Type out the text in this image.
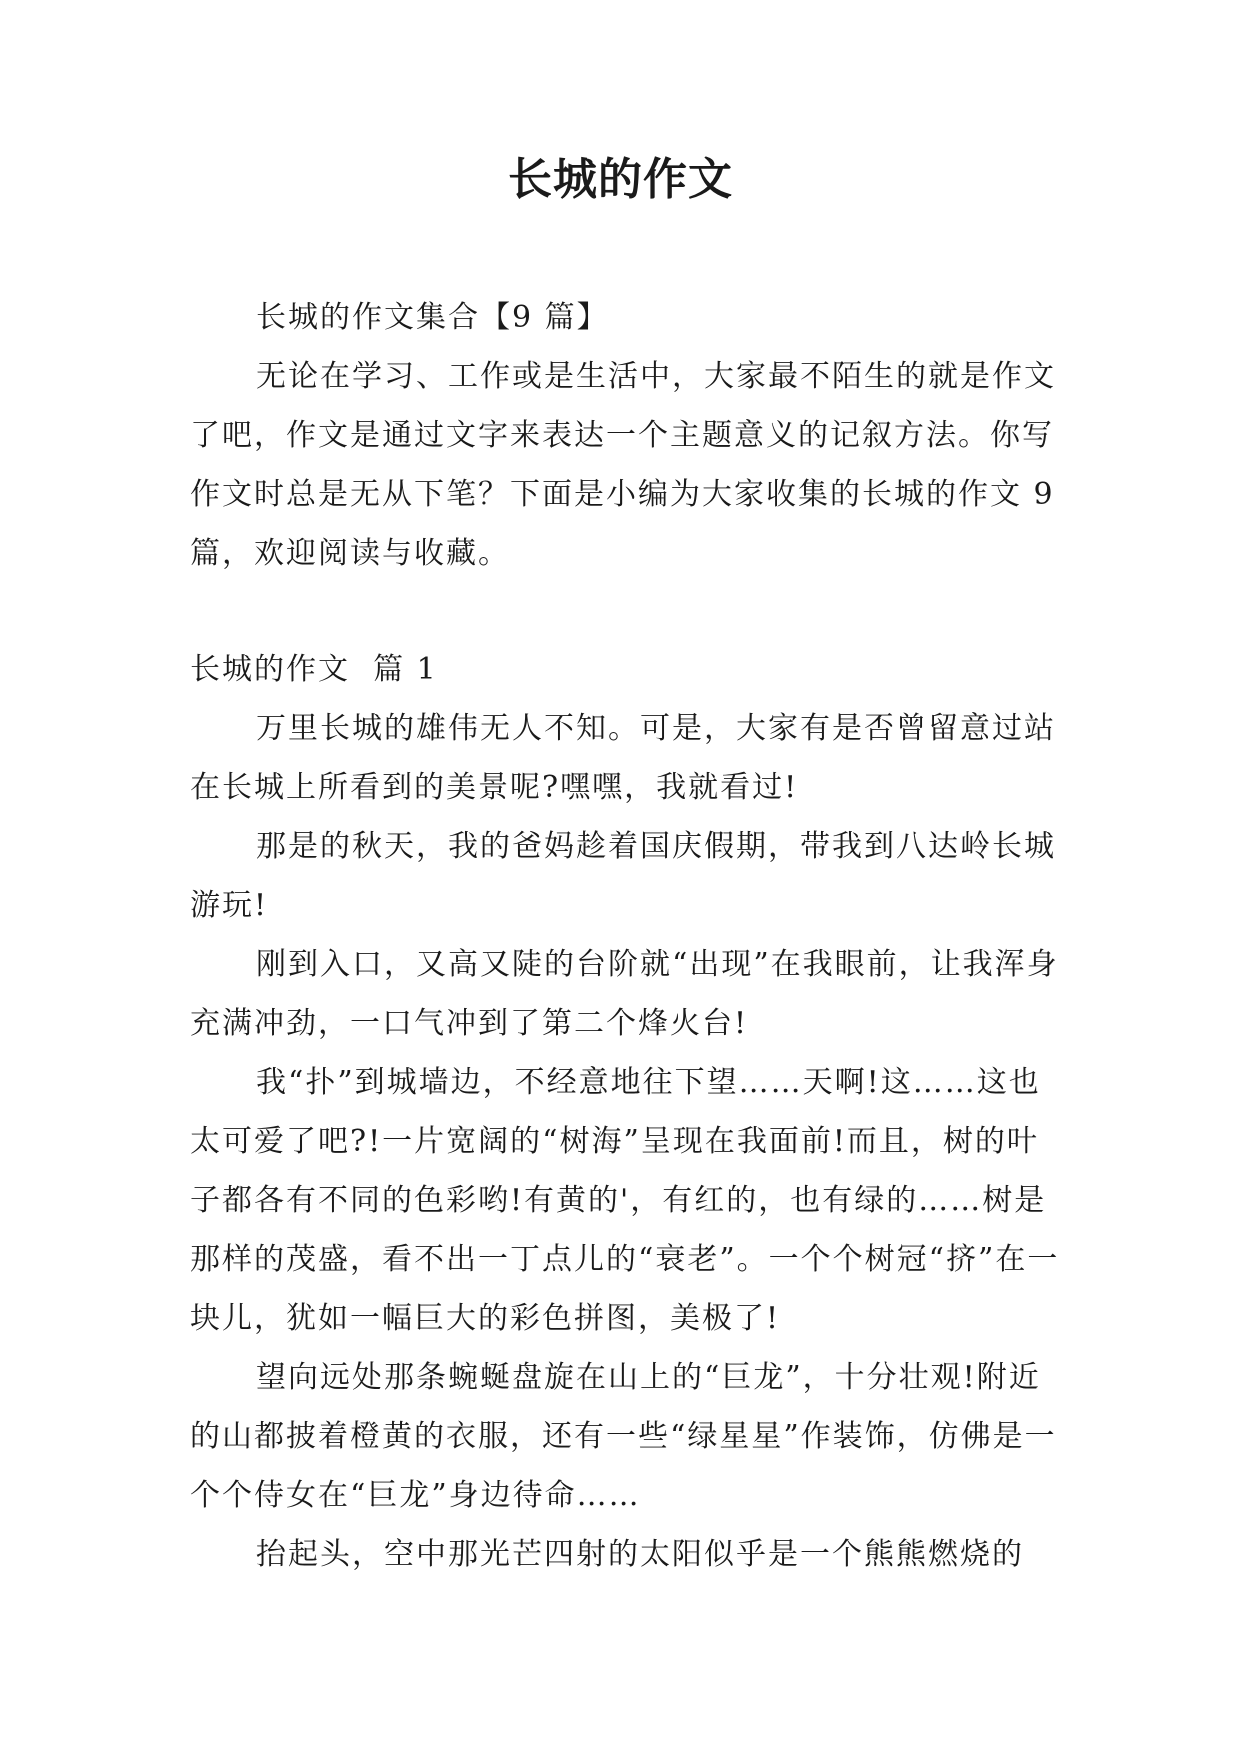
长城的作文

长城的作文集合【9 篇】

无论在学习、工作或是生活中，大家最不陌生的就是作文了吧，作文是通过文字来表达一个主题意义的记叙方法。你写作文时总是无从下笔？下面是小编为大家收集的长城的作文 9 篇，欢迎阅读与收藏。

长城的作文  篇 1

万里长城的雄伟无人不知。可是，大家有是否曾留意过站在长城上所看到的美景呢?嘿嘿，我就看过!

那是的秋天，我的爸妈趁着国庆假期，带我到八达岭长城游玩!

刚到入口，又高又陡的台阶就“出现”在我眼前，让我浑身充满冲劲，一口气冲到了第二个烽火台!

我“扑”到城墙边，不经意地往下望……天啊!这……这也太可爱了吧?!一片宽阔的“树海”呈现在我面前!而且，树的叶子都各有不同的色彩哟!有黄的'，有红的，也有绿的……树是那样的茂盛，看不出一丁点儿的“衰老”。一个个树冠“挤”在一块儿，犹如一幅巨大的彩色拼图，美极了!

望向远处那条蜿蜒盘旋在山上的“巨龙”，十分壮观!附近的山都披着橙黄的衣服，还有一些“绿星星”作装饰，仿佛是一个个侍女在“巨龙”身边待命……

抬起头，空中那光芒四射的太阳似乎是一个熊熊燃烧的
